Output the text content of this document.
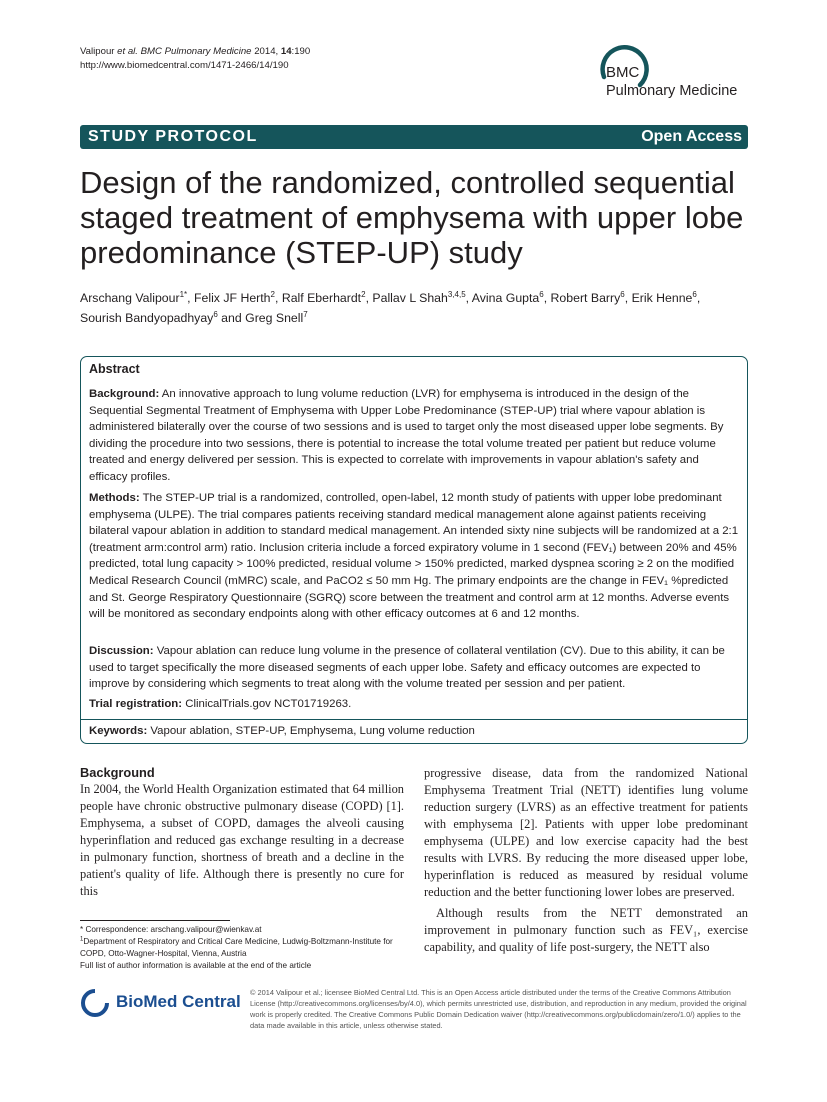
Valipour et al. BMC Pulmonary Medicine 2014, 14:190
http://www.biomedcentral.com/1471-2466/14/190	BMC
Pulmonary Medicine
STUDY PROTOCOL	Open Access
Design of the randomized, controlled sequential staged treatment of emphysema with upper lobe predominance (STEP-UP) study
Arschang Valipour$^{1*}$, Felix JF Herth$^2$, Ralf Eberhardt$^2$, Pallav L Shah$^{3,4,5}$, Avina Gupta$^6$, Robert Barry$^6$, Erik Henne$^6$,
Sourish Bandyopadhyay$^6$ and Greg Snell$^7$
Abstract
Background: An innovative approach to lung volume reduction (LVR) for emphysema is introduced in the design of the Sequential Segmental Treatment of Emphysema with Upper Lobe Predominance (STEP-UP) trial where vapour ablation is administered bilaterally over the course of two sessions and is used to target only the most diseased upper lobe segments. By dividing the procedure into two sessions, there is potential to increase the total volume treated per patient but reduce volume treated and energy delivered per session. This is expected to correlate with improvements in vapour ablation's safety and efficacy profiles.
Methods: The STEP-UP trial is a randomized, controlled, open-label, 12 month study of patients with upper lobe predominant emphysema (ULPE). The trial compares patients receiving standard medical management alone against patients receiving bilateral vapour ablation in addition to standard medical management. An intended sixty nine subjects will be randomized at a 2:1 (treatment arm:control arm) ratio. Inclusion criteria include a forced expiratory volume in 1 second (FEV₁) between 20% and 45% predicted, total lung capacity > 100% predicted, residual volume > 150% predicted, marked dyspnea scoring ≥ 2 on the modified Medical Research Council (mMRC) scale, and PaCO2 ≤ 50 mm Hg. The primary endpoints are the change in FEV₁ %predicted and St. George Respiratory Questionnaire (SGRQ) score between the treatment and control arm at 12 months. Adverse events will be monitored as secondary endpoints along with other efficacy outcomes at 6 and 12 months.
Discussion: Vapour ablation can reduce lung volume in the presence of collateral ventilation (CV). Due to this ability, it can be used to target specifically the more diseased segments of each upper lobe. Safety and efficacy outcomes are expected to improve by considering which segments to treat along with the volume treated per session and per patient.
Trial registration: ClinicalTrials.gov NCT01719263.
Keywords: Vapour ablation, STEP-UP, Emphysema, Lung volume reduction
Background

In 2004, the World Health Organization estimated that 64 million people have chronic obstructive pulmonary disease (COPD) [1]. Emphysema, a subset of COPD, damages the alveoli causing hyperinflation and reduced gas exchange resulting in a decrease in pulmonary function, shortness of breath and a decline in the patient's quality of life. Although there is presently no cure for this

progressive disease, data from the randomized National Emphysema Treatment Trial (NETT) identifies lung volume reduction surgery (LVRS) as an effective treatment for patients with emphysema [2]. Patients with upper lobe predominant emphysema (ULPE) and low exercise capacity had the best results with LVRS. By reducing the more diseased upper lobe, hyperinflation is reduced as measured by residual volume reduction and the better functioning lower lobes are preserved.

Although results from the NETT demonstrated an improvement in pulmonary function such as FEV₁, exercise capability, and quality of life post-surgery, the NETT also

* Correspondence: arschang.valipour@wienkav.at
$^1$Department of Respiratory and Critical Care Medicine, Ludwig-Boltzmann-Institute for COPD, Otto-Wagner-Hospital, Vienna, Austria
Full list of author information is available at the end of the article
BioMed Central © 2014 Valipour et al.; licensee BioMed Central Ltd. This is an Open Access article distributed under the terms of the Creative Commons Attribution License (http://creativecommons.org/licenses/by/4.0), which permits unrestricted use, distribution, and reproduction in any medium, provided the original work is properly credited. The Creative Commons Public Domain Dedication waiver (http://creativecommons.org/publicdomain/zero/1.0/) applies to the data made available in this article, unless otherwise stated.
